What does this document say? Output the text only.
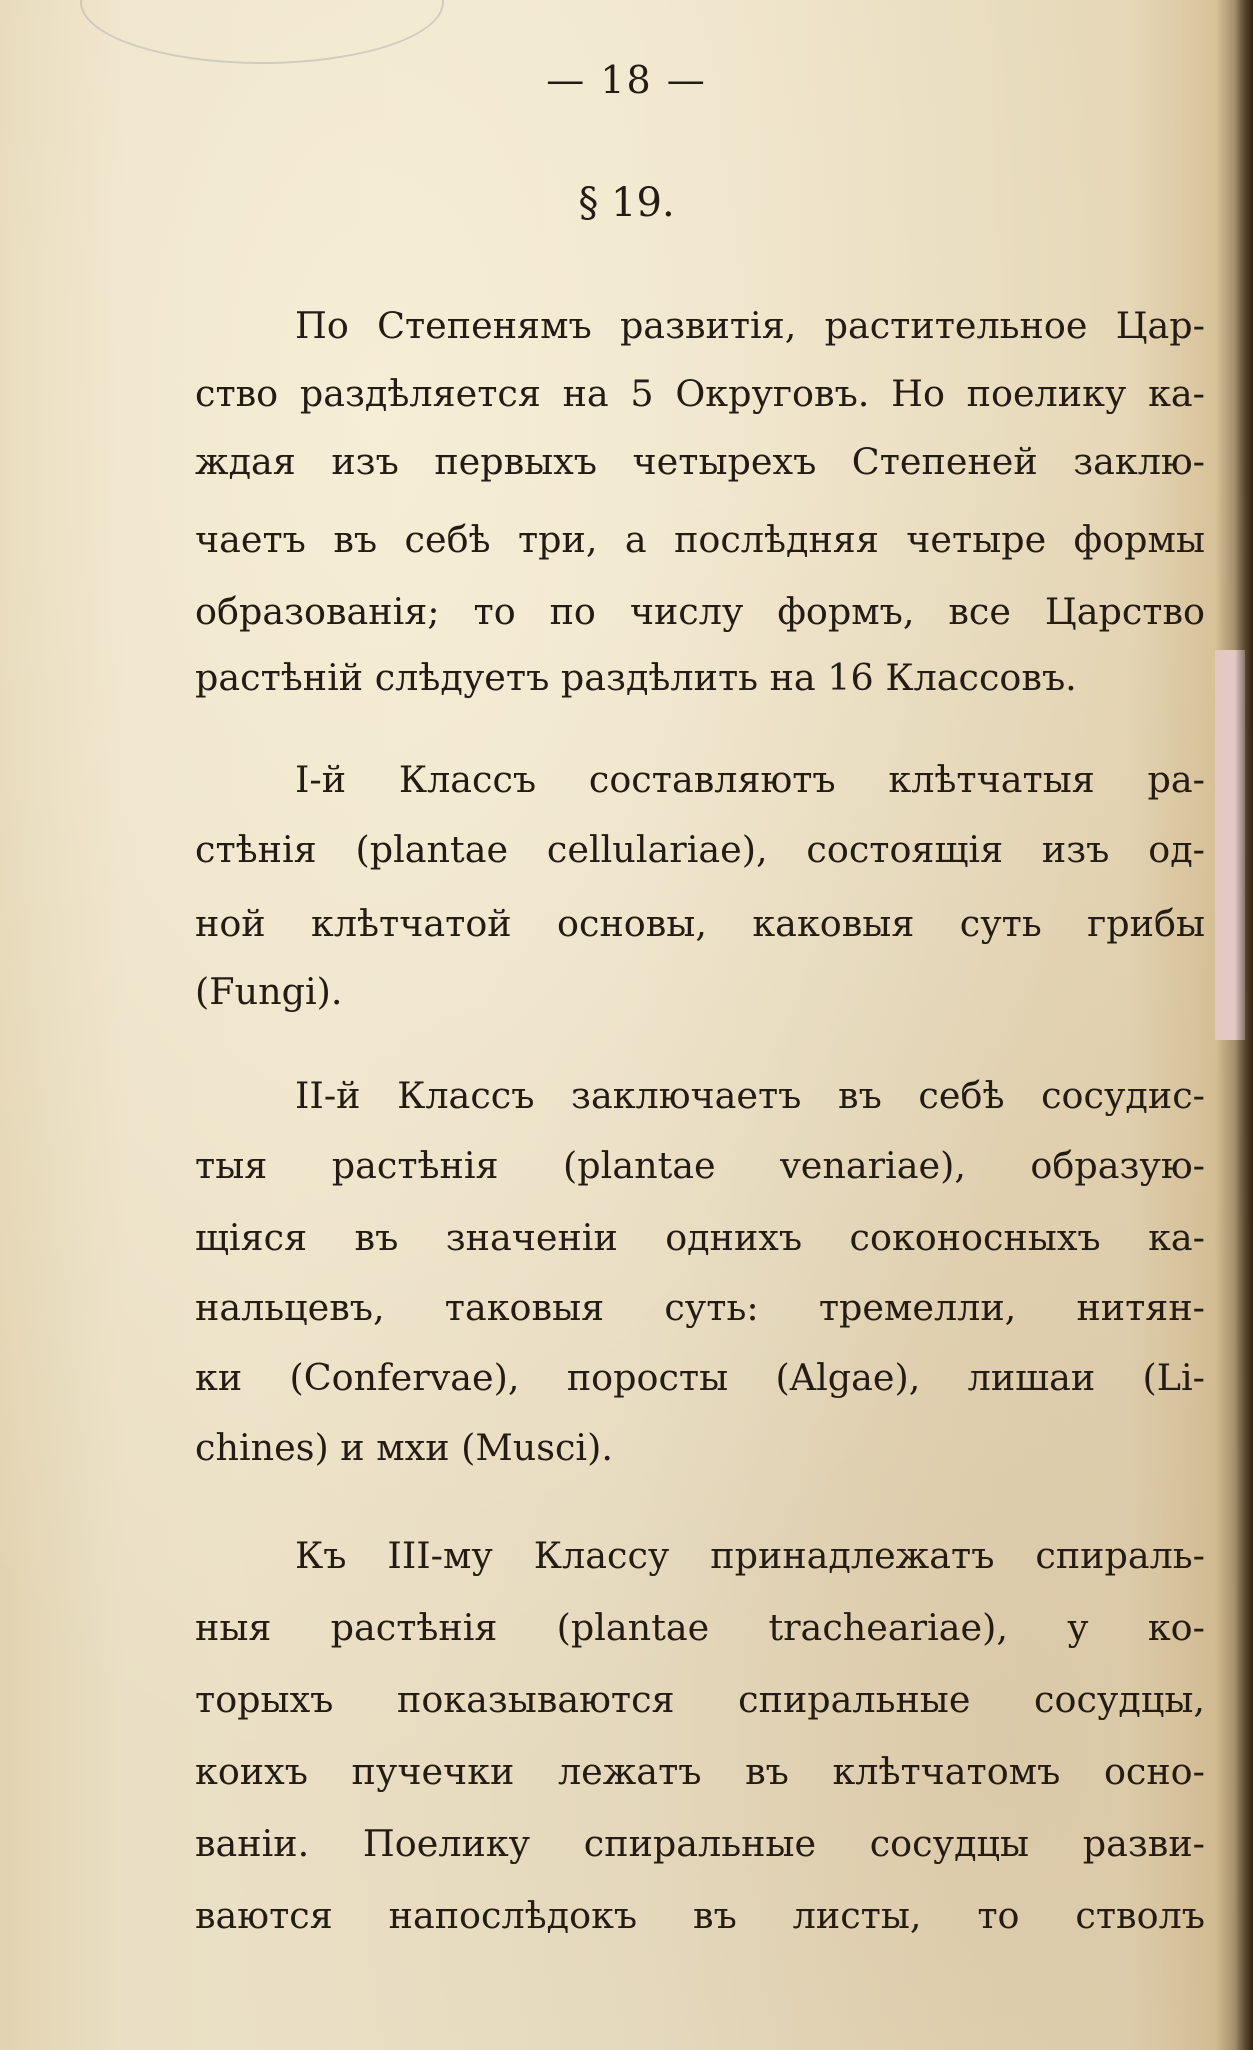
— 18 —
§ 19.
По Степенямъ развитія, растительное Цар-
ство раздѣляется на 5 Округовъ. Но поелику ка-
ждая изъ первыхъ четырехъ Степеней заклю-
чаетъ въ себѣ три, а послѣдняя четыре формы
образованія; то по числу формъ, все Царство
растѣній слѣдуетъ раздѣлить на 16 Классовъ.
І-й Классъ составляютъ клѣтчатыя ра-
стѣнія (plantae cellulariae), состоящія изъ од-
ной клѣтчатой основы, каковыя суть грибы
(Fungi).
ІІ-й Классъ заключаетъ въ себѣ сосудис-
тыя растѣнія (plantae venariae), образую-
щіяся въ значеніи однихъ соконосныхъ ка-
нальцевъ, таковыя суть: тремелли, нитян-
ки (Confervae), поросты (Algae), лишаи (Li-
chines) и мхи (Musci).
Къ III-му Классу принадлежатъ спираль-
ныя растѣнія (plantae trachearіae), у ко-
торыхъ показываются спиральные сосудцы,
коихъ пучечки лежатъ въ клѣтчатомъ осно-
ваніи. Поелику спиральные сосудцы разви-
ваются напослѣдокъ въ листы, то стволъ
